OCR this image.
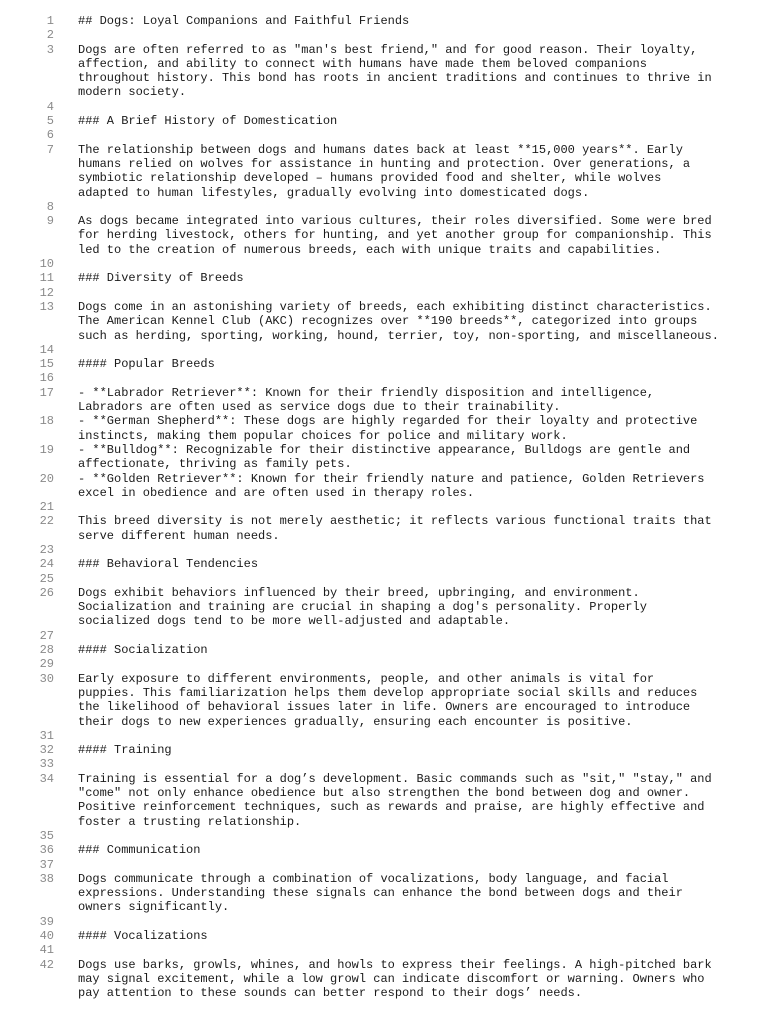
1 ## Dogs: Loyal Companions and Faithful Friends
2

3 Dogs are often referred to as "man's best friend," and for good reason. Their loyalty,
affection, and ability to connect with humans have made them beloved companions
throughout history. This bond has roots in ancient traditions and continues to thrive in
modern society.
4

5 ### A Brief History of Domestication
6

7 The relationship between dogs and humans dates back at least **15,000 years**. Early
humans relied on wolves for assistance in hunting and protection. Over generations, a
symbiotic relationship developed – humans provided food and shelter, while wolves
adapted to human lifestyles, gradually evolving into domesticated dogs.
8

9 As dogs became integrated into various cultures, their roles diversified. Some were bred
for herding livestock, others for hunting, and yet another group for companionship. This
led to the creation of numerous breeds, each with unique traits and capabilities.
10

11 ### Diversity of Breeds
12

13 Dogs come in an astonishing variety of breeds, each exhibiting distinct characteristics.
The American Kennel Club (AKC) recognizes over **190 breeds**, categorized into groups
such as herding, sporting, working, hound, terrier, toy, non-sporting, and miscellaneous.
14

15 #### Popular Breeds
16

17 - **Labrador Retriever**: Known for their friendly disposition and intelligence,
Labradors are often used as service dogs due to their trainability.
18 - **German Shepherd**: These dogs are highly regarded for their loyalty and protective
instincts, making them popular choices for police and military work.
19 - **Bulldog**: Recognizable for their distinctive appearance, Bulldogs are gentle and
affectionate, thriving as family pets.
20 - **Golden Retriever**: Known for their friendly nature and patience, Golden Retrievers
excel in obedience and are often used in therapy roles.
21

22 This breed diversity is not merely aesthetic; it reflects various functional traits that
serve different human needs.
23

24 ### Behavioral Tendencies
25

26 Dogs exhibit behaviors influenced by their breed, upbringing, and environment.
Socialization and training are crucial in shaping a dog's personality. Properly
socialized dogs tend to be more well-adjusted and adaptable.
27

28 #### Socialization
29

30 Early exposure to different environments, people, and other animals is vital for
puppies. This familiarization helps them develop appropriate social skills and reduces
the likelihood of behavioral issues later in life. Owners are encouraged to introduce
their dogs to new experiences gradually, ensuring each encounter is positive.
31

32 #### Training
33

34 Training is essential for a dog’s development. Basic commands such as "sit," "stay," and
"come" not only enhance obedience but also strengthen the bond between dog and owner.
Positive reinforcement techniques, such as rewards and praise, are highly effective and
foster a trusting relationship.
35

36 ### Communication
37

38 Dogs communicate through a combination of vocalizations, body language, and facial
expressions. Understanding these signals can enhance the bond between dogs and their
owners significantly.
39

40 #### Vocalizations
41

42 Dogs use barks, growls, whines, and howls to express their feelings. A high-pitched bark
may signal excitement, while a low growl can indicate discomfort or warning. Owners who
pay attention to these sounds can better respond to their dogs’ needs.
